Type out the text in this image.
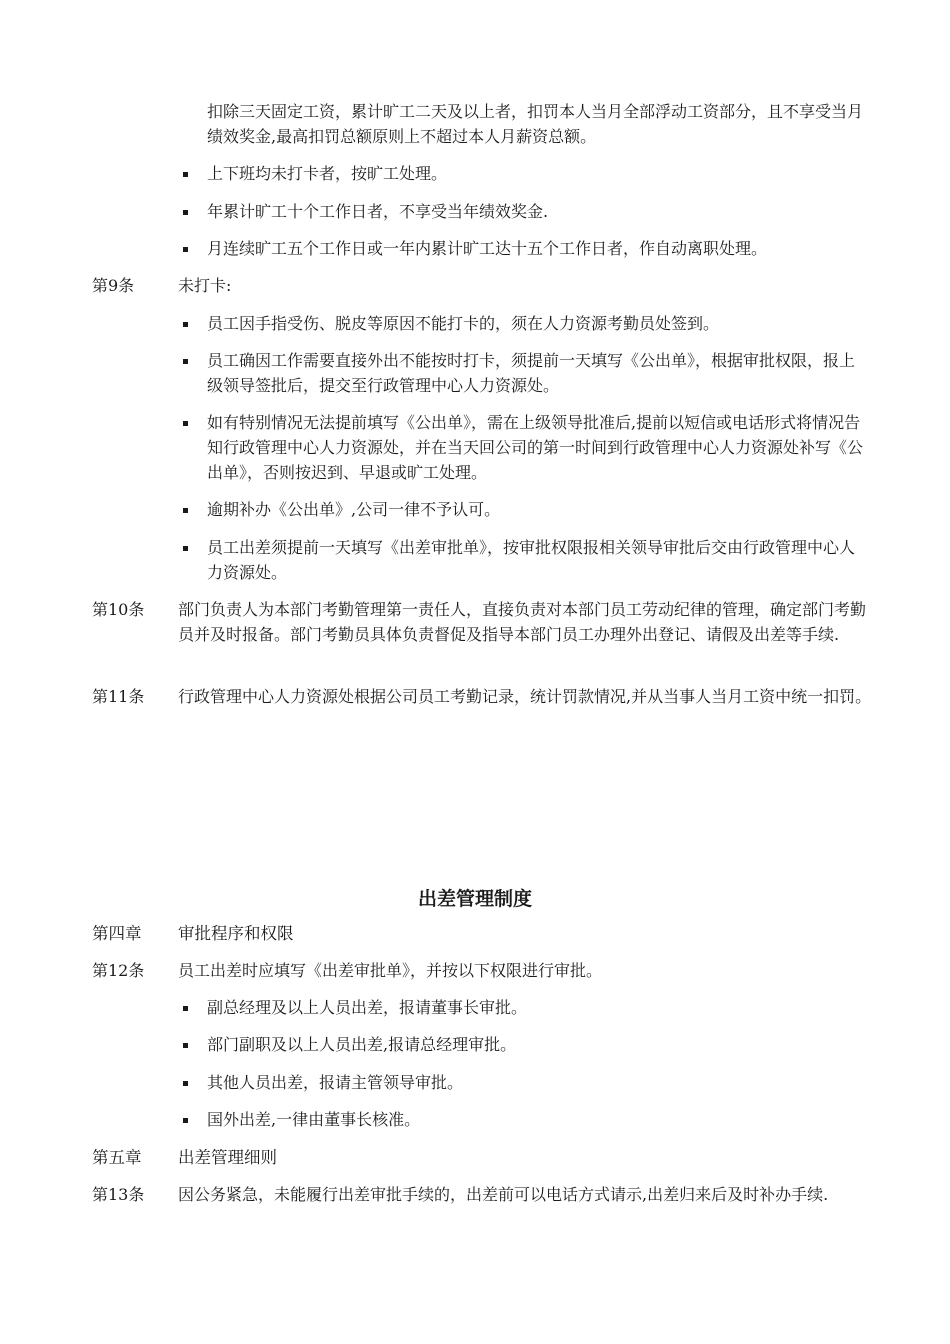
扣除三天固定工资，累计旷工二天及以上者，扣罚本人当月全部浮动工资部分，且不享受当月绩效奖金,最高扣罚总额原则上不超过本人月薪资总额。
上下班均未打卡者，按旷工处理。
年累计旷工十个工作日者，不享受当年绩效奖金.
月连续旷工五个工作日或一年内累计旷工达十五个工作日者，作自动离职处理。
第9条	未打卡:
员工因手指受伤、脱皮等原因不能打卡的，须在人力资源考勤员处签到。
员工确因工作需要直接外出不能按时打卡，须提前一天填写《公出单》，根据审批权限，报上级领导签批后，提交至行政管理中心人力资源处。
如有特别情况无法提前填写《公出单》，需在上级领导批准后,提前以短信或电话形式将情况告知行政管理中心人力资源处，并在当天回公司的第一时间到行政管理中心人力资源处补写《公出单》，否则按迟到、早退或旷工处理。
逾期补办《公出单》,公司一律不予认可。
员工出差须提前一天填写《出差审批单》，按审批权限报相关领导审批后交由行政管理中心人力资源处。
第10条	部门负责人为本部门考勤管理第一责任人，直接负责对本部门员工劳动纪律的管理，确定部门考勤员并及时报备。部门考勤员具体负责督促及指导本部门员工办理外出登记、请假及出差等手续.
第11条	行政管理中心人力资源处根据公司员工考勤记录，统计罚款情况,并从当事人当月工资中统一扣罚。
出差管理制度
第四章 审批程序和权限
第12条	员工出差时应填写《出差审批单》，并按以下权限进行审批。
副总经理及以上人员出差，报请董事长审批。
部门副职及以上人员出差,报请总经理审批。
其他人员出差，报请主管领导审批。
国外出差,一律由董事长核准。
第五章 出差管理细则
第13条	因公务紧急，未能履行出差审批手续的，出差前可以电话方式请示,出差归来后及时补办手续.
